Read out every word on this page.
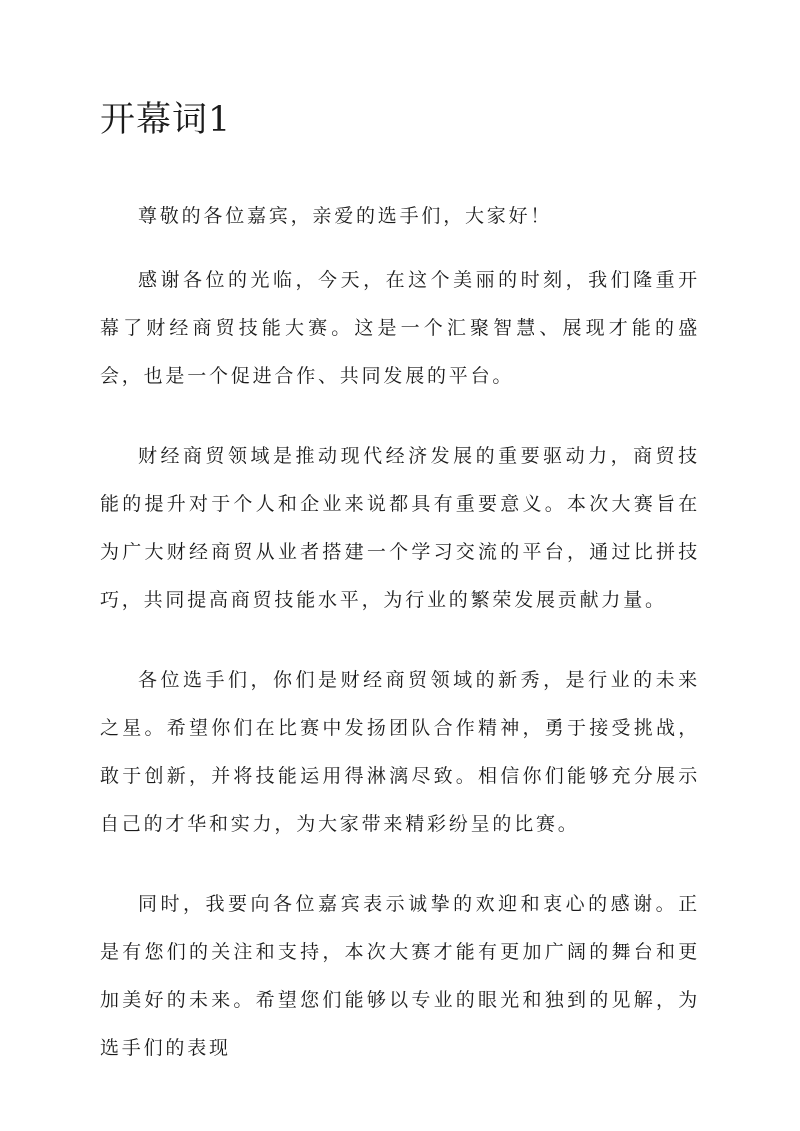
开幕词1

尊敬的各位嘉宾，亲爱的选手们，大家好！

感谢各位的光临，今天，在这个美丽的时刻，我们隆重开幕了财经商贸技能大赛。这是一个汇聚智慧、展现才能的盛会，也是一个促进合作、共同发展的平台。

财经商贸领域是推动现代经济发展的重要驱动力，商贸技能的提升对于个人和企业来说都具有重要意义。本次大赛旨在为广大财经商贸从业者搭建一个学习交流的平台，通过比拼技巧，共同提高商贸技能水平，为行业的繁荣发展贡献力量。

各位选手们，你们是财经商贸领域的新秀，是行业的未来之星。希望你们在比赛中发扬团队合作精神，勇于接受挑战，敢于创新，并将技能运用得淋漓尽致。相信你们能够充分展示自己的才华和实力，为大家带来精彩纷呈的比赛。

同时，我要向各位嘉宾表示诚挚的欢迎和衷心的感谢。正是有您们的关注和支持，本次大赛才能有更加广阔的舞台和更加美好的未来。希望您们能够以专业的眼光和独到的见解，为选手们的表现
